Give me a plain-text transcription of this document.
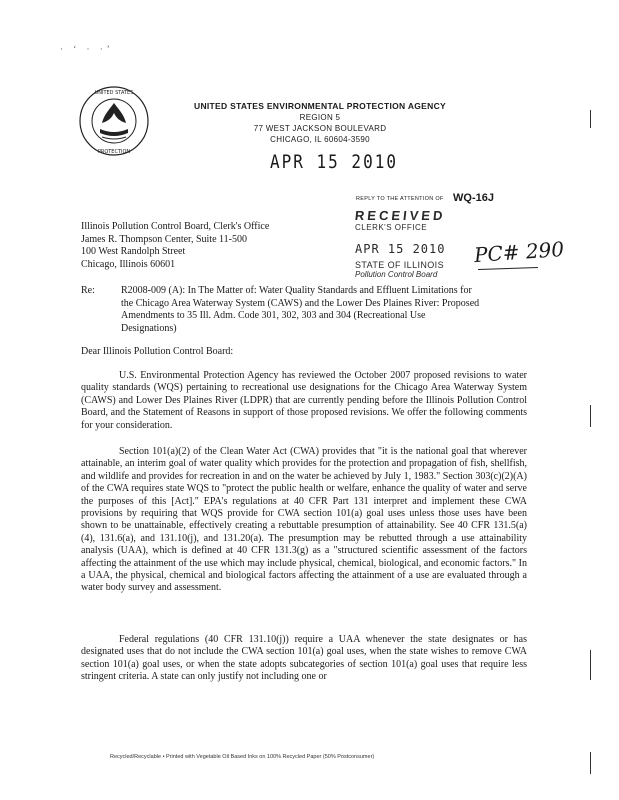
· ‘ · ·’
UNITED STATES
PROTECTION
UNITED STATES ENVIRONMENTAL PROTECTION AGENCY
REGION 5
77 WEST JACKSON BOULEVARD
CHICAGO, IL 60604-3590
APR 15 2010
REPLY TO THE ATTENTION OF WQ-16J
RECEIVED
CLERK'S OFFICE
APR 15 2010
STATE OF ILLINOIS
Pollution Control Board
PC# 290
Illinois Pollution Control Board, Clerk's Office
James R. Thompson Center, Suite 11-500
100 West Randolph Street
Chicago, Illinois 60601
Re:	R2008-009 (A): In The Matter of: Water Quality Standards and Effluent Limitations for the Chicago Area Waterway System (CAWS) and the Lower Des Plaines River: Proposed Amendments to 35 Ill. Adm. Code 301, 302, 303 and 304 (Recreational Use Designations)
Dear Illinois Pollution Control Board:
U.S. Environmental Protection Agency has reviewed the October 2007 proposed revisions to water quality standards (WQS) pertaining to recreational use designations for the Chicago Area Waterway System (CAWS) and Lower Des Plaines River (LDPR) that are currently pending before the Illinois Pollution Control Board, and the Statement of Reasons in support of those proposed revisions. We offer the following comments for your consideration.
Section 101(a)(2) of the Clean Water Act (CWA) provides that "it is the national goal that wherever attainable, an interim goal of water quality which provides for the protection and propagation of fish, shellfish, and wildlife and provides for recreation in and on the water be achieved by July 1, 1983." Section 303(c)(2)(A) of the CWA requires state WQS to "protect the public health or welfare, enhance the quality of water and serve the purposes of this [Act]." EPA's regulations at 40 CFR Part 131 interpret and implement these CWA provisions by requiring that WQS provide for CWA section 101(a) goal uses unless those uses have been shown to be unattainable, effectively creating a rebuttable presumption of attainability. See 40 CFR 131.5(a)(4), 131.6(a), and 131.10(j), and 131.20(a). The presumption may be rebutted through a use attainability analysis (UAA), which is defined at 40 CFR 131.3(g) as a "structured scientific assessment of the factors affecting the attainment of the use which may include physical, chemical, biological, and economic factors." In a UAA, the physical, chemical and biological factors affecting the attainment of a use are evaluated through a water body survey and assessment.
Federal regulations (40 CFR 131.10(j)) require a UAA whenever the state designates or has designated uses that do not include the CWA section 101(a) goal uses, when the state wishes to remove CWA section 101(a) goal uses, or when the state adopts subcategories of section 101(a) goal uses that require less stringent criteria. A state can only justify not including one or
Recycled/Recyclable • Printed with Vegetable Oil Based Inks on 100% Recycled Paper (50% Postconsumer)
